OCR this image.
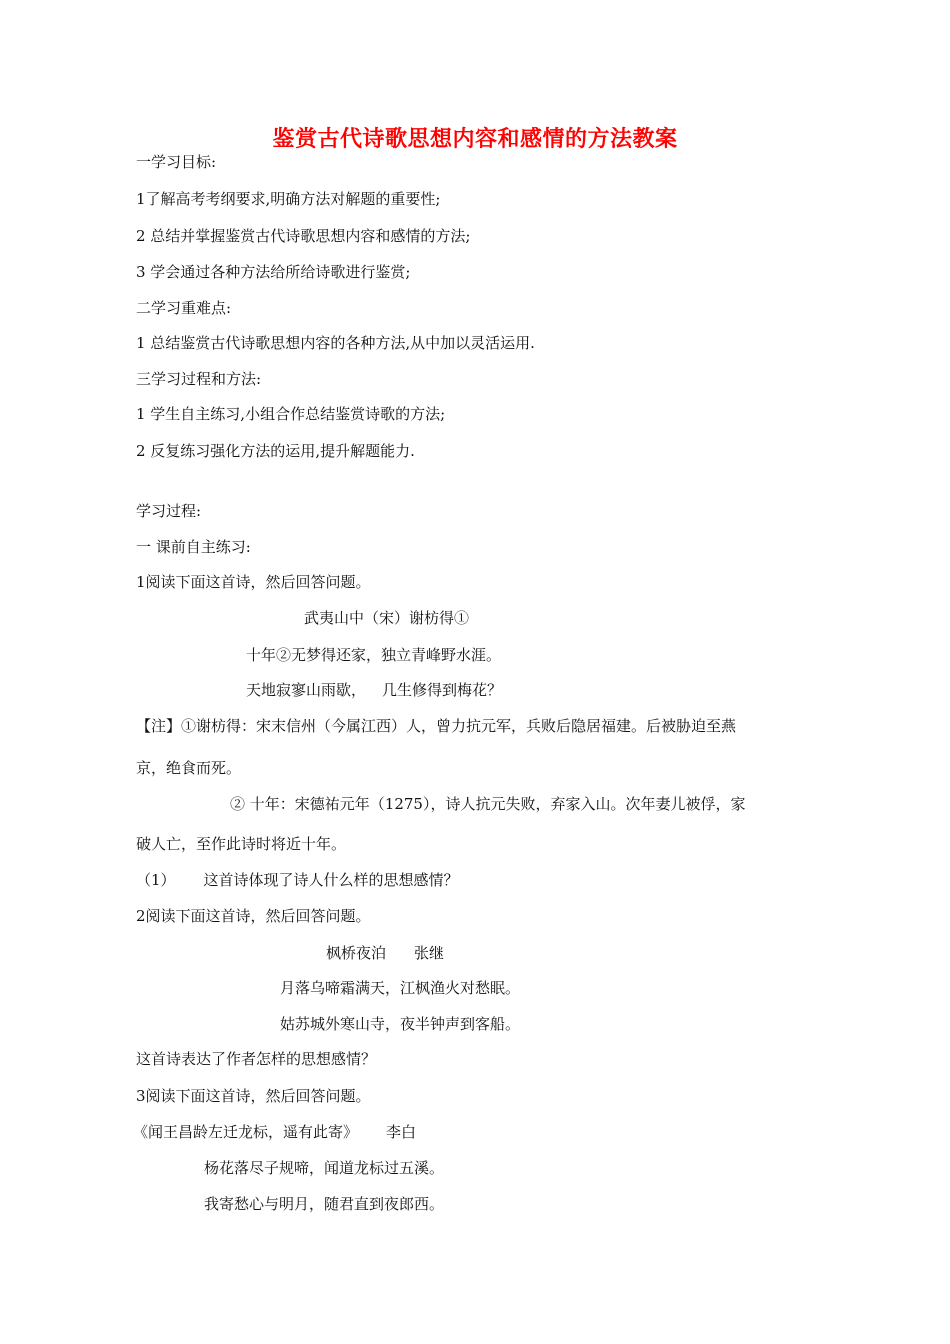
鉴赏古代诗歌思想内容和感情的方法教案
一学习目标:
1了解高考考纲要求,明确方法对解题的重要性;
2 总结并掌握鉴赏古代诗歌思想内容和感情的方法;
3 学会通过各种方法给所给诗歌进行鉴赏;
二学习重难点:
1 总结鉴赏古代诗歌思想内容的各种方法,从中加以灵活运用.
三学习过程和方法:
1 学生自主练习,小组合作总结鉴赏诗歌的方法;
2 反复练习强化方法的运用,提升解题能力.
学习过程:
一 课前自主练习:
1阅读下面这首诗，然后回答问题。
武夷山中（宋）谢枋得①
十年②无梦得还家，独立青峰野水涯。
天地寂寥山雨歇， 几生修得到梅花？
【注】①谢枋得：宋末信州（今属江西）人，曾力抗元军，兵败后隐居福建。后被胁迫至燕
京，绝食而死。
② 十年：宋德祐元年（1275），诗人抗元失败，弃家入山。次年妻儿被俘，家
破人亡，至作此诗时将近十年。
（1） 这首诗体现了诗人什么样的思想感情？
2阅读下面这首诗，然后回答问题。
枫桥夜泊 张继
月落乌啼霜满天，江枫渔火对愁眠。
姑苏城外寒山寺，夜半钟声到客船。
这首诗表达了作者怎样的思想感情？
3阅读下面这首诗，然后回答问题。
《闻王昌龄左迁龙标，遥有此寄》 李白
杨花落尽子规啼，闻道龙标过五溪。
我寄愁心与明月，随君直到夜郎西。
